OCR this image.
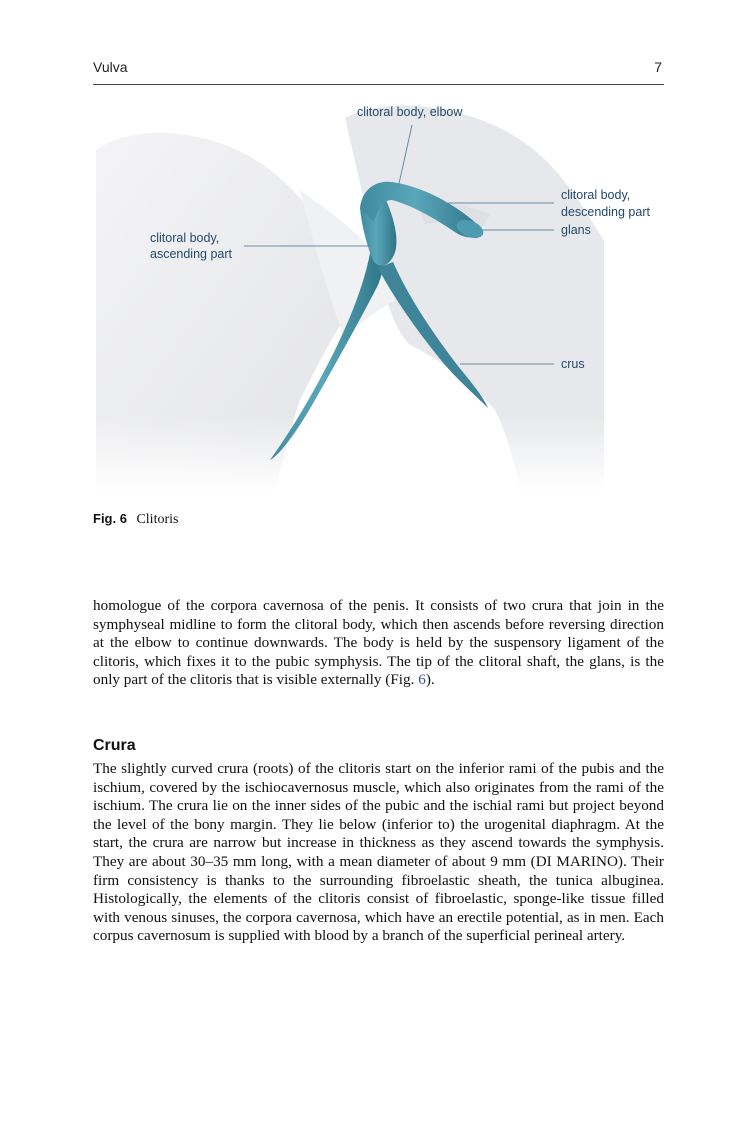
Vulva	7
clitoral body, elbow
clitoral body,
descending part
glans
clitoral body,
ascending part
crus
Fig. 6 Clitoris

homologue of the corpora cavernosa of the penis. It consists of two crura that join in the symphyseal midline to form the clitoral body, which then ascends before reversing direction at the elbow to continue downwards. The body is held by the suspensory ligament of the clitoris, which fixes it to the pubic symphysis. The tip of the clitoral shaft, the glans, is the only part of the clitoris that is visible externally (Fig. 6).

Crura

The slightly curved crura (roots) of the clitoris start on the inferior rami of the pubis and the ischium, covered by the ischiocavernosus muscle, which also originates from the rami of the ischium. The crura lie on the inner sides of the pubic and the ischial rami but project beyond the level of the bony margin. They lie below (inferior to) the urogenital diaphragm. At the start, the crura are narrow but increase in thickness as they ascend towards the symphysis. They are about 30–35 mm long, with a mean diameter of about 9 mm (DI MARINO). Their firm consistency is thanks to the surrounding fibroelastic sheath, the tunica albuginea. Histologically, the elements of the clitoris consist of fibroelastic, sponge-like tissue filled with venous sinuses, the corpora cavernosa, which have an erectile potential, as in men. Each corpus cavernosum is supplied with blood by a branch of the superficial perineal artery.
